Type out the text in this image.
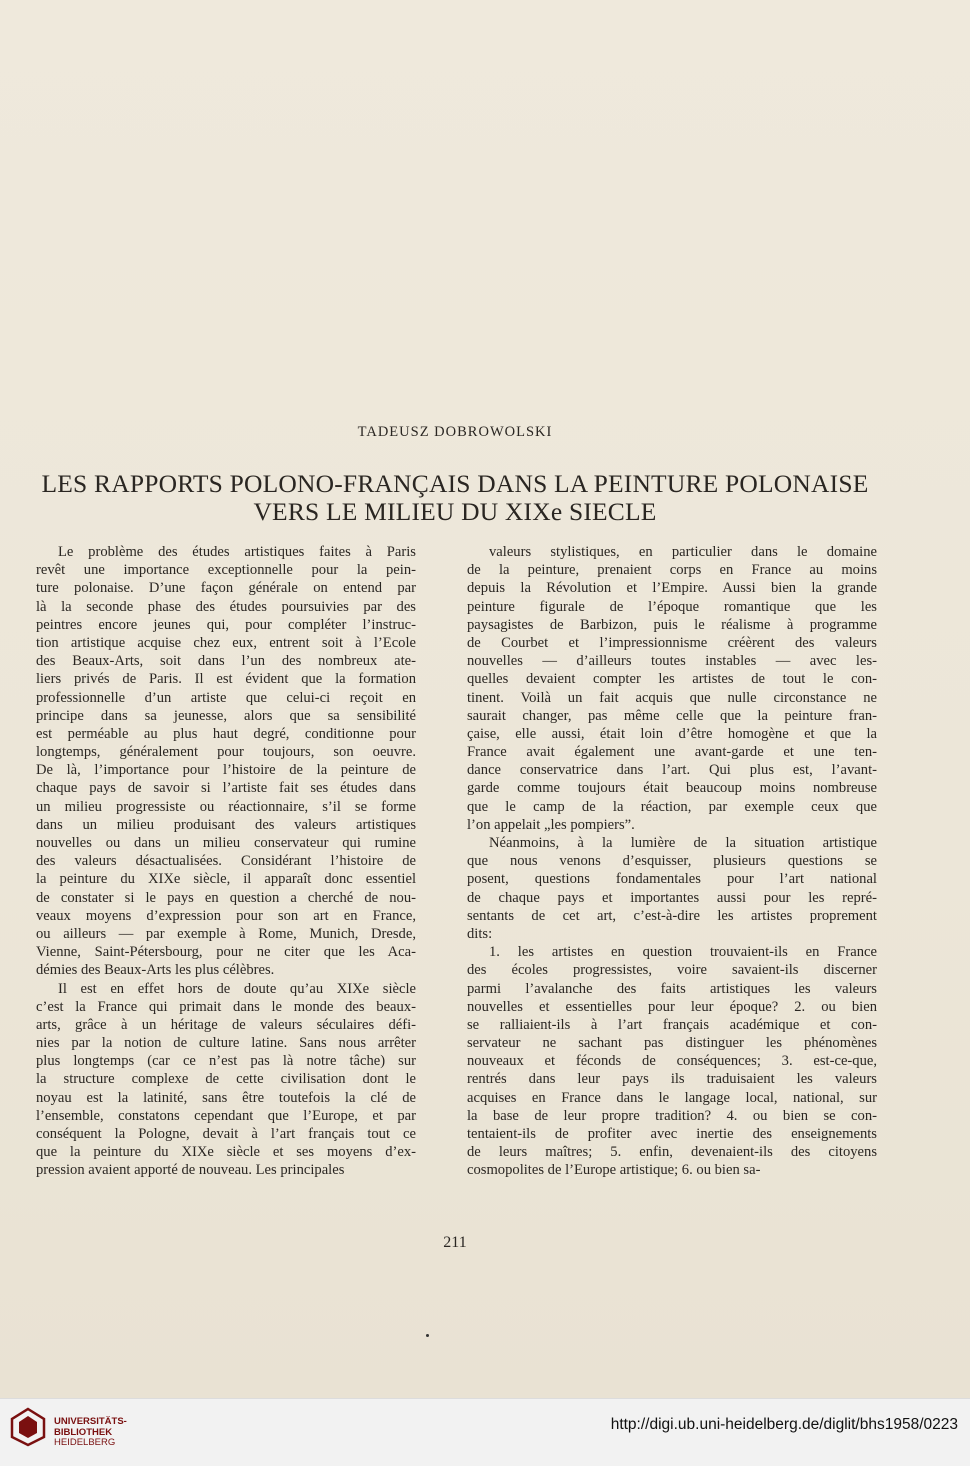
TADEUSZ DOBROWOLSKI
LES RAPPORTS POLONO-FRANÇAIS DANS LA PEINTURE POLONAISE
VERS LE MILIEU DU XIXe SIECLE
Le problème des études artistiques faites à Paris
revêt une importance exceptionnelle pour la pein-
ture polonaise. D’une façon générale on entend par
là la seconde phase des études poursuivies par des
peintres encore jeunes qui, pour compléter l’instruc-
tion artistique acquise chez eux, entrent soit à l’Ecole
des Beaux-Arts, soit dans l’un des nombreux ate-
liers privés de Paris. Il est évident que la formation
professionnelle d’un artiste que celui-ci reçoit en
principe dans sa jeunesse, alors que sa sensibilité
est perméable au plus haut degré, conditionne pour
longtemps, généralement pour toujours, son oeuvre.
De là, l’importance pour l’histoire de la peinture de
chaque pays de savoir si l’artiste fait ses études dans
un milieu progressiste ou réactionnaire, s’il se forme
dans un milieu produisant des valeurs artistiques
nouvelles ou dans un milieu conservateur qui rumine
des valeurs désactualisées. Considérant l’histoire de
la peinture du XIXe siècle, il apparaît donc essentiel
de constater si le pays en question a cherché de nou-
veaux moyens d’expression pour son art en France,
ou ailleurs — par exemple à Rome, Munich, Dresde,
Vienne, Saint-Pétersbourg, pour ne citer que les Aca-
démies des Beaux-Arts les plus célèbres.
Il est en effet hors de doute qu’au XIXe siècle
c’est la France qui primait dans le monde des beaux-
arts, grâce à un héritage de valeurs séculaires défi-
nies par la notion de culture latine. Sans nous arrêter
plus longtemps (car ce n’est pas là notre tâche) sur
la structure complexe de cette civilisation dont le
noyau est la latinité, sans être toutefois la clé de
l’ensemble, constatons cependant que l’Europe, et par
conséquent la Pologne, devait à l’art français tout ce
que la peinture du XIXe siècle et ses moyens d’ex-
pression avaient apporté de nouveau. Les principales
valeurs stylistiques, en particulier dans le domaine
de la peinture, prenaient corps en France au moins
depuis la Révolution et l’Empire. Aussi bien la grande
peinture figurale de l’époque romantique que les
paysagistes de Barbizon, puis le réalisme à programme
de Courbet et l’impressionnisme créèrent des valeurs
nouvelles — d’ailleurs toutes instables — avec les-
quelles devaient compter les artistes de tout le con-
tinent. Voilà un fait acquis que nulle circonstance ne
saurait changer, pas même celle que la peinture fran-
çaise, elle aussi, était loin d’être homogène et que la
France avait également une avant-garde et une ten-
dance conservatrice dans l’art. Qui plus est, l’avant-
garde comme toujours était beaucoup moins nombreuse
que le camp de la réaction, par exemple ceux que
l’on appelait „les pompiers”.
Néanmoins, à la lumière de la situation artistique
que nous venons d’esquisser, plusieurs questions se
posent, questions fondamentales pour l’art national
de chaque pays et importantes aussi pour les repré-
sentants de cet art, c’est-à-dire les artistes proprement
dits:
1. les artistes en question trouvaient-ils en France
des écoles progressistes, voire savaient-ils discerner
parmi l’avalanche des faits artistiques les valeurs
nouvelles et essentielles pour leur époque? 2. ou bien
se ralliaient-ils à l’art français académique et con-
servateur ne sachant pas distinguer les phénomènes
nouveaux et féconds de conséquences; 3. est-ce-que,
rentrés dans leur pays ils traduisaient les valeurs
acquises en France dans le langage local, national, sur
la base de leur propre tradition? 4. ou bien se con-
tentaient-ils de profiter avec inertie des enseignements
de leurs maîtres; 5. enfin, devenaient-ils des citoyens
cosmopolites de l’Europe artistique; 6. ou bien sa-
211
UNIVERSITÄTS-
BIBLIOTHEK
HEIDELBERG
http://digi.ub.uni-heidelberg.de/diglit/bhs1958/0223
